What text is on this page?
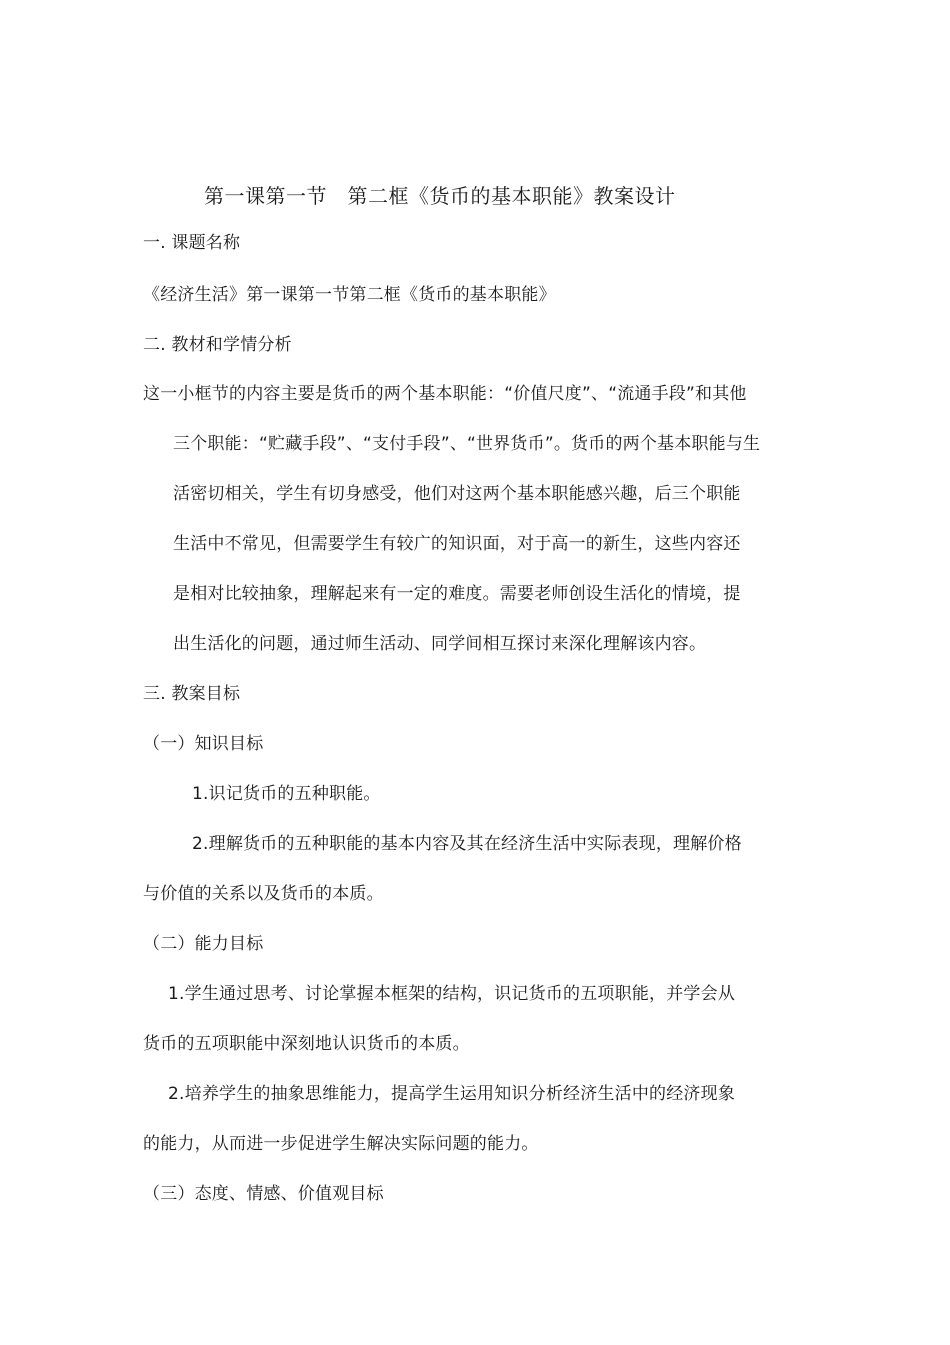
第一课第一节　第二框《货币的基本职能》教案设计
一. 课题名称
《经济生活》第一课第一节第二框《货币的基本职能》
二. 教材和学情分析
这一小框节的内容主要是货币的两个基本职能：“价值尺度”、“流通手段”和其他
三个职能：“贮藏手段”、“支付手段”、“世界货币”。货币的两个基本职能与生
活密切相关，学生有切身感受，他们对这两个基本职能感兴趣，后三个职能
生活中不常见，但需要学生有较广的知识面，对于高一的新生，这些内容还
是相对比较抽象，理解起来有一定的难度。需要老师创设生活化的情境，提
出生活化的问题，通过师生活动、同学间相互探讨来深化理解该内容。
三. 教案目标
（一）知识目标
1.识记货币的五种职能。
2.理解货币的五种职能的基本内容及其在经济生活中实际表现，理解价格
与价值的关系以及货币的本质。
（二）能力目标
1.学生通过思考、讨论掌握本框架的结构，识记货币的五项职能，并学会从
货币的五项职能中深刻地认识货币的本质。
2.培养学生的抽象思维能力，提高学生运用知识分析经济生活中的经济现象
的能力，从而进一步促进学生解决实际问题的能力。
（三）态度、情感、价值观目标
